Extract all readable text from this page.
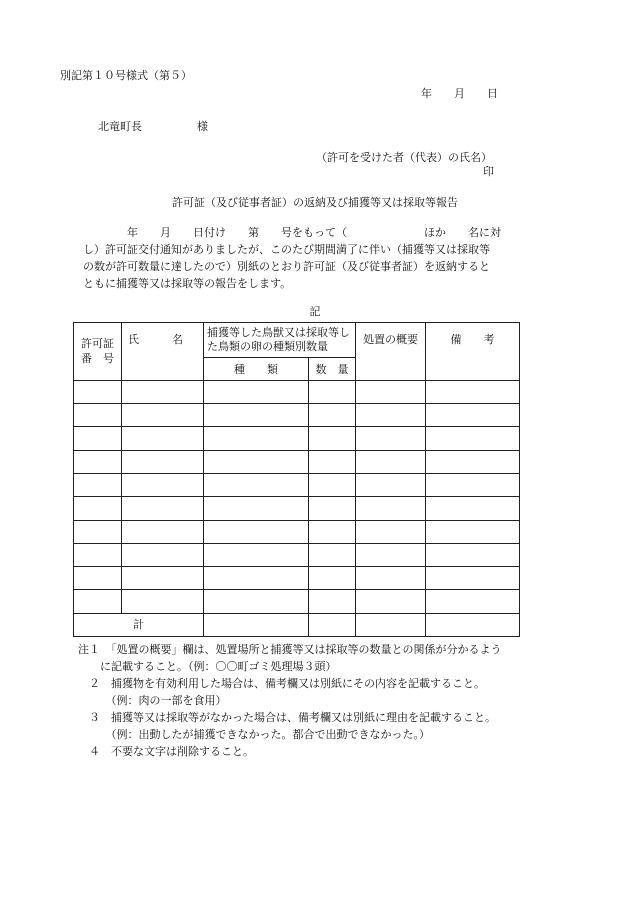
別記第１０号様式（第５）
年　　月　　日
北竜町長　　　　　様
（許可を受けた者（代表）の氏名）
印
許可証（及び従事者証）の返納及び捕獲等又は採取等報告
　　　　年　　月　　日付け　　第　　号をもって（　　　　　　　ほか　　名に対
し）許可証交付通知がありましたが、このたび期間満了に伴い（捕獲等又は採取等
の数が許可数量に達したので）別紙のとおり許可証（及び従事者証）を返納すると
ともに捕獲等又は採取等の報告をします。
記
許可証番　号	氏　　　名	捕獲等した鳥獣又は採取等した鳥類の卵の種類別数量		処置の概要	備　　考
		種　　類	数　量		

計					
注１　「処置の概要」欄は、処置場所と捕獲等又は採取等の数量との関係が分かるよう
　　に記載すること。（例：〇〇町ゴミ処理場３頭）
　２　捕獲物を有効利用した場合は、備考欄又は別紙にその内容を記載すること。
　　　（例：肉の一部を食用）
　３　捕獲等又は採取等がなかった場合は、備考欄又は別紙に理由を記載すること。
　　　（例：出動したが捕獲できなかった。都合で出動できなかった。）
　４　不要な文字は削除すること。
